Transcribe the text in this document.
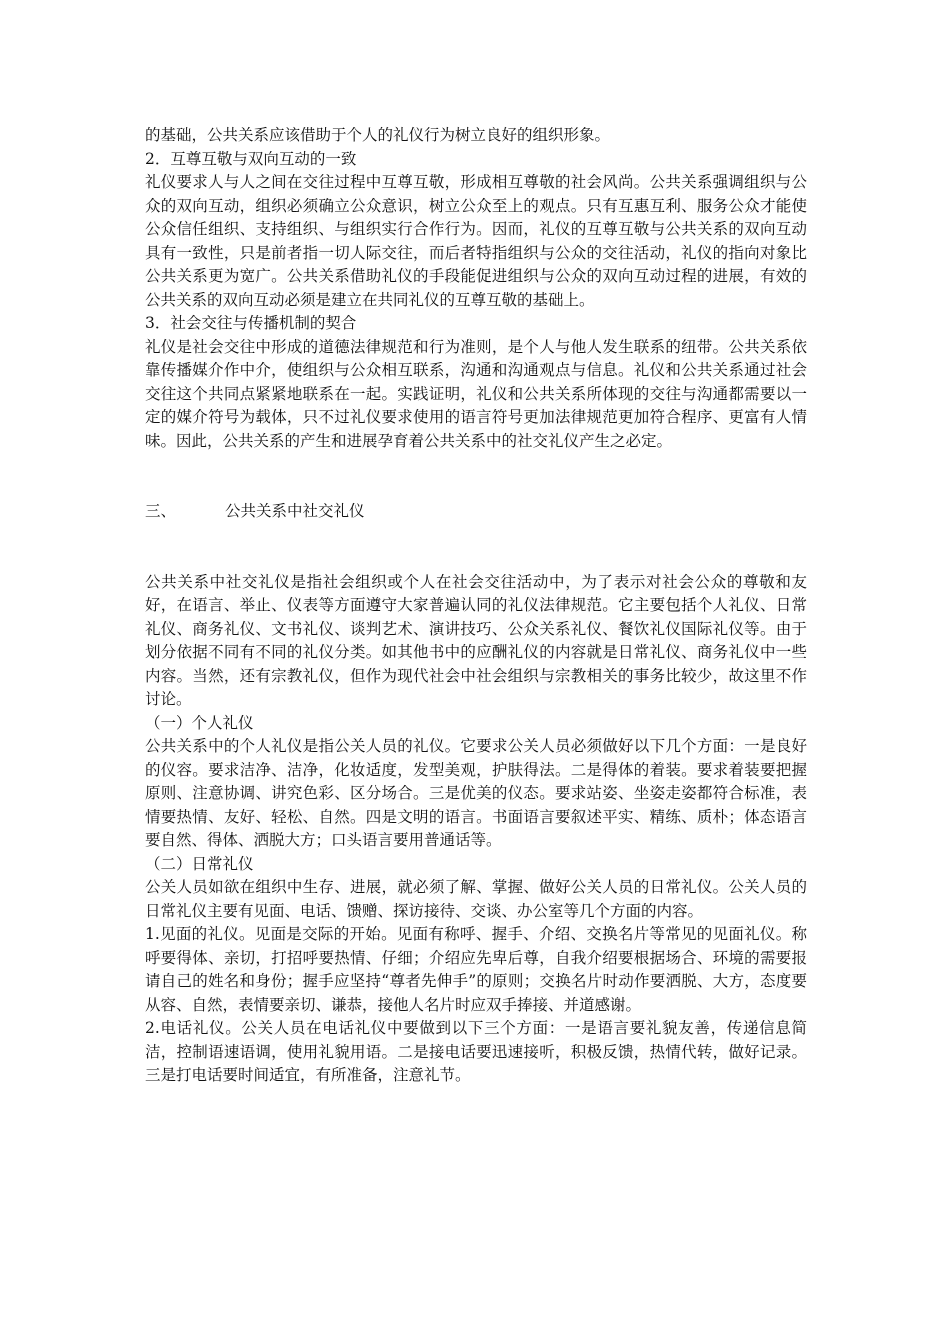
的基础，公共关系应该借助于个人的礼仪行为树立良好的组织形象。

2．互尊互敬与双向互动的一致

礼仪要求人与人之间在交往过程中互尊互敬，形成相互尊敬的社会风尚。公共关系强调组织与公众的双向互动，组织必须确立公众意识，树立公众至上的观点。只有互惠互利、服务公众才能使公众信任组织、支持组织、与组织实行合作行为。因而，礼仪的互尊互敬与公共关系的双向互动具有一致性，只是前者指一切人际交往，而后者特指组织与公众的交往活动，礼仪的指向对象比公共关系更为宽广。公共关系借助礼仪的手段能促进组织与公众的双向互动过程的进展，有效的公共关系的双向互动必须是建立在共同礼仪的互尊互敬的基础上。

3．社会交往与传播机制的契合

礼仪是社会交往中形成的道德法律规范和行为准则，是个人与他人发生联系的纽带。公共关系依靠传播媒介作中介，使组织与公众相互联系，沟通和沟通观点与信息。礼仪和公共关系通过社会交往这个共同点紧紧地联系在一起。实践证明，礼仪和公共关系所体现的交往与沟通都需要以一定的媒介符号为载体，只不过礼仪要求使用的语言符号更加法律规范更加符合程序、更富有人情味。因此，公共关系的产生和进展孕育着公共关系中的社交礼仪产生之必定。

三、	公共关系中社交礼仪

公共关系中社交礼仪是指社会组织或个人在社会交往活动中，为了表示对社会公众的尊敬和友好，在语言、举止、仪表等方面遵守大家普遍认同的礼仪法律规范。它主要包括个人礼仪、日常礼仪、商务礼仪、文书礼仪、谈判艺术、演讲技巧、公众关系礼仪、餐饮礼仪国际礼仪等。由于划分依据不同有不同的礼仪分类。如其他书中的应酬礼仪的内容就是日常礼仪、商务礼仪中一些内容。当然，还有宗教礼仪，但作为现代社会中社会组织与宗教相关的事务比较少，故这里不作讨论。

（一）个人礼仪

公共关系中的个人礼仪是指公关人员的礼仪。它要求公关人员必须做好以下几个方面：一是良好的仪容。要求洁净、洁净，化妆适度，发型美观，护肤得法。二是得体的着装。要求着装要把握原则、注意协调、讲究色彩、区分场合。三是优美的仪态。要求站姿、坐姿走姿都符合标准，表情要热情、友好、轻松、自然。四是文明的语言。书面语言要叙述平实、精练、质朴；体态语言要自然、得体、洒脱大方；口头语言要用普通话等。

（二）日常礼仪

公关人员如欲在组织中生存、进展，就必须了解、掌握、做好公关人员的日常礼仪。公关人员的日常礼仪主要有见面、电话、馈赠、探访接待、交谈、办公室等几个方面的内容。

1.见面的礼仪。见面是交际的开始。见面有称呼、握手、介绍、交换名片等常见的见面礼仪。称呼要得体、亲切，打招呼要热情、仔细；介绍应先卑后尊，自我介绍要根据场合、环境的需要报请自己的姓名和身份；握手应坚持“尊者先伸手”的原则；交换名片时动作要洒脱、大方，态度要从容、自然，表情要亲切、谦恭，接他人名片时应双手捧接、并道感谢。

2.电话礼仪。公关人员在电话礼仪中要做到以下三个方面：一是语言要礼貌友善，传递信息简洁，控制语速语调，使用礼貌用语。二是接电话要迅速接听，积极反馈，热情代转，做好记录。三是打电话要时间适宜，有所准备，注意礼节。
